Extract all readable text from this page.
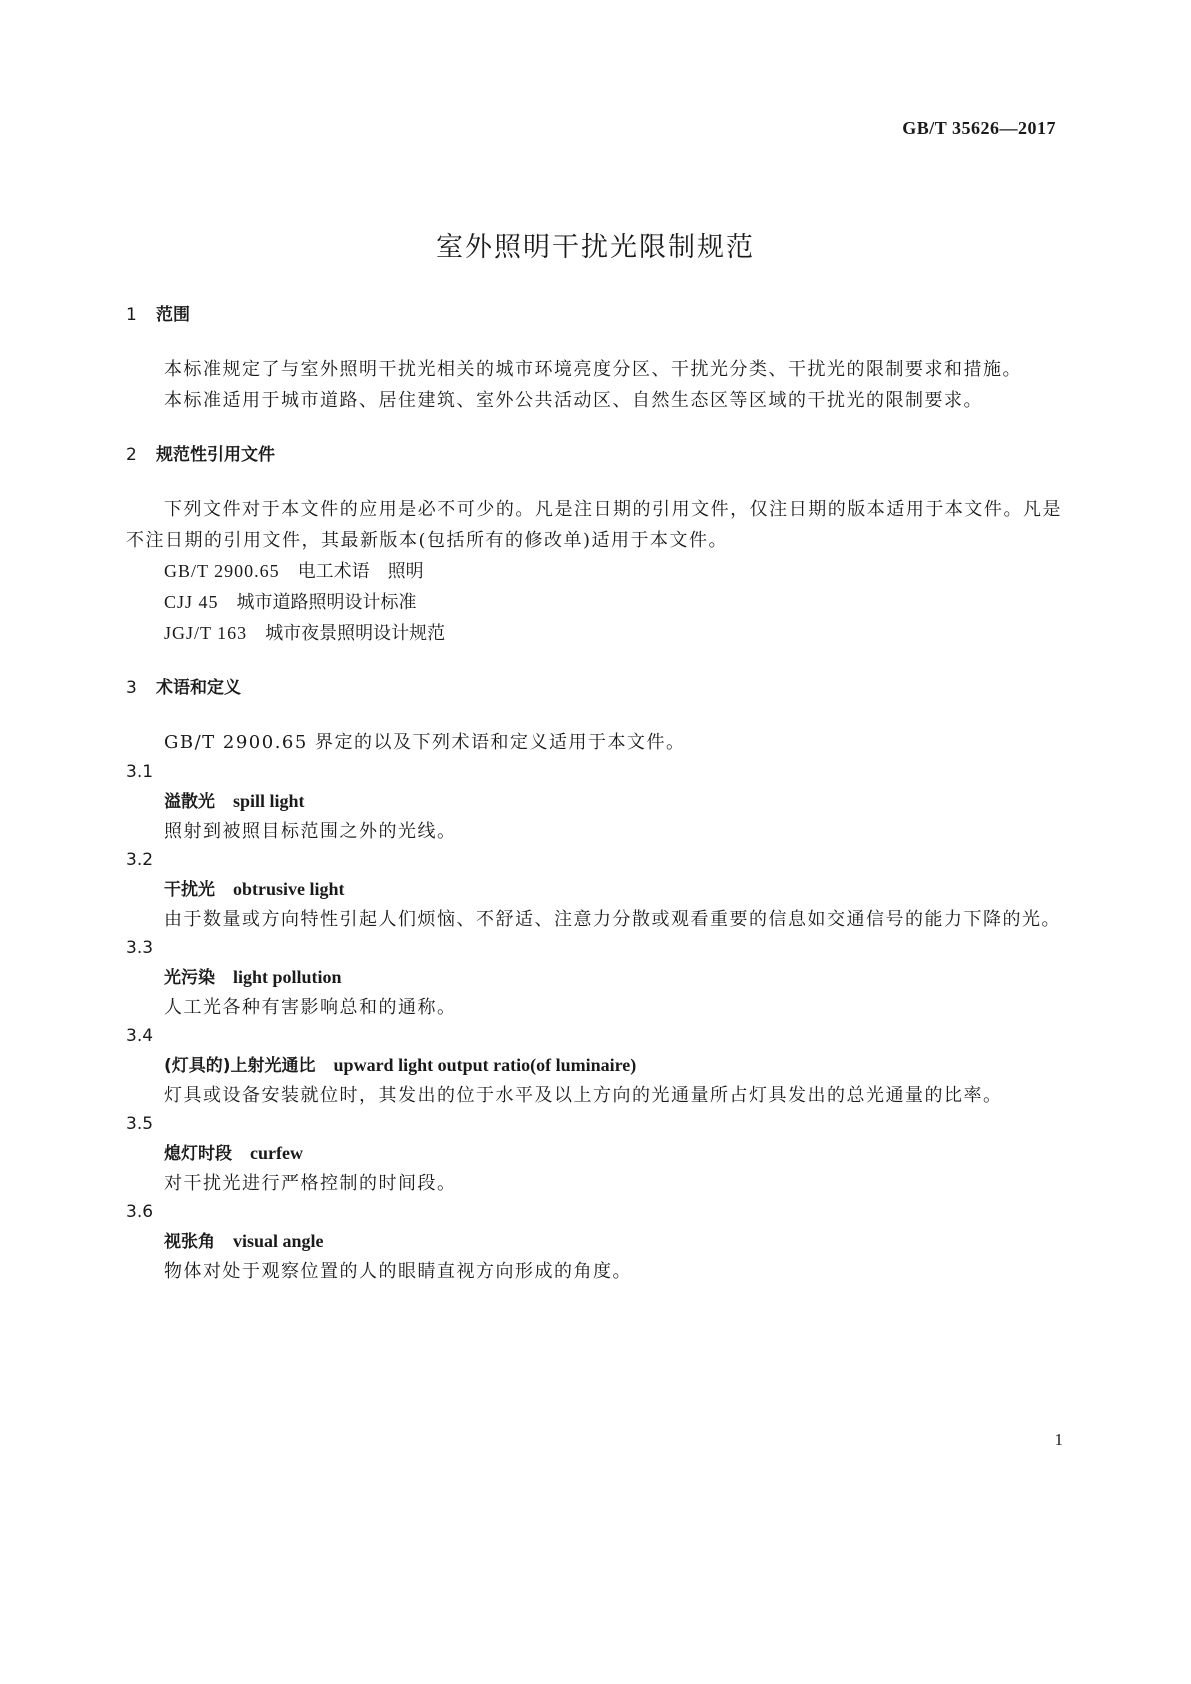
GB/T 35626—2017
室外照明干扰光限制规范
1 范围

本标准规定了与室外照明干扰光相关的城市环境亮度分区、干扰光分类、干扰光的限制要求和措施。

本标准适用于城市道路、居住建筑、室外公共活动区、自然生态区等区域的干扰光的限制要求。

2 规范性引用文件

下列文件对于本文件的应用是必不可少的。凡是注日期的引用文件，仅注日期的版本适用于本文件。凡是不注日期的引用文件，其最新版本(包括所有的修改单)适用于本文件。

GB/T 2900.65　 电工术语　照明

CJJ 45　 城市道路照明设计标准

JGJ/T 163　 城市夜景照明设计规范

3 术语和定义

GB/T 2900.65 界定的以及下列术语和定义适用于本文件。

3.1

溢散光 spill light

照射到被照目标范围之外的光线。

3.2

干扰光 obtrusive light

由于数量或方向特性引起人们烦恼、不舒适、注意力分散或观看重要的信息如交通信号的能力下降的光。

3.3

光污染 light pollution

人工光各种有害影响总和的通称。

3.4

(灯具的)上射光通比 upward light output ratio(of luminaire)

灯具或设备安装就位时，其发出的位于水平及以上方向的光通量所占灯具发出的总光通量的比率。

3.5

熄灯时段 curfew

对干扰光进行严格控制的时间段。

3.6

视张角 visual angle

物体对处于观察位置的人的眼睛直视方向形成的角度。

1
